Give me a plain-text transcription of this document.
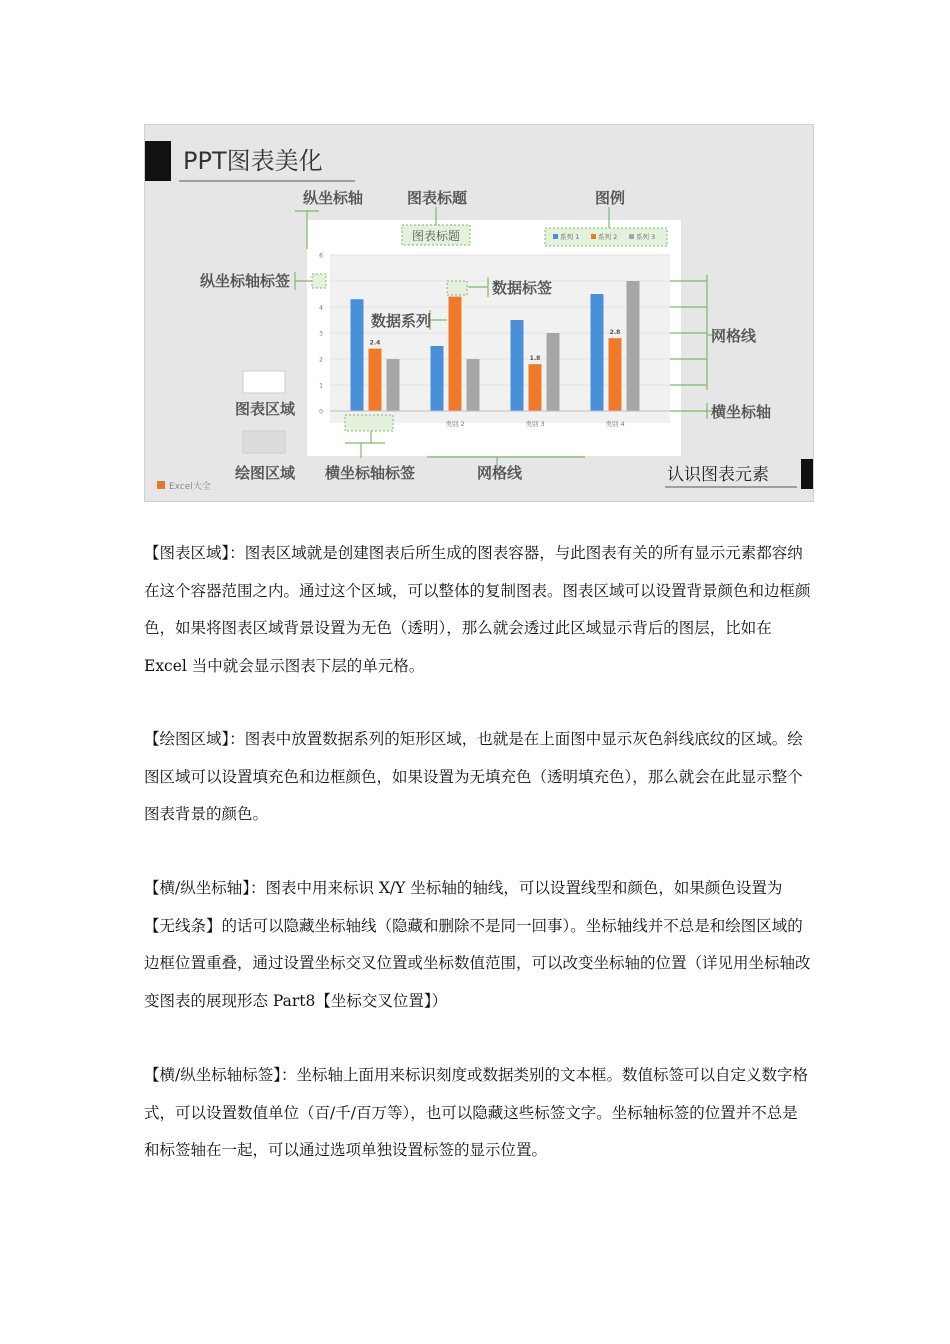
PPT图表美化
0
1
2
3
4
6
2.4
1.8
2.8
类别 2	类别 3	类别 4
图表标题	系列 1	系列 2	系列 3
纵坐标轴	图表标题	图例
纵坐标轴标签	数据标签
数据系列
网格线
横坐标轴
图表区域
绘图区域 横坐标轴标签	网格线	认识图表元素
Excel大全

【图表区域】：图表区域就是创建图表后所生成的图表容器，与此图表有关的所有显示元素都容纳在这个容器范围之内。通过这个区域，可以整体的复制图表。图表区域可以设置背景颜色和边框颜色，如果将图表区域背景设置为无色（透明），那么就会透过此区域显示背后的图层，比如在 Excel 当中就会显示图表下层的单元格。

【绘图区域】：图表中放置数据系列的矩形区域，也就是在上面图中显示灰色斜线底纹的区域。绘图区域可以设置填充色和边框颜色，如果设置为无填充色（透明填充色），那么就会在此显示整个图表背景的颜色。

【横/纵坐标轴】：图表中用来标识 X/Y 坐标轴的轴线，可以设置线型和颜色，如果颜色设置为【无线条】的话可以隐藏坐标轴线（隐藏和删除不是同一回事）。坐标轴线并不总是和绘图区域的边框位置重叠，通过设置坐标交叉位置或坐标数值范围，可以改变坐标轴的位置（详见用坐标轴改变图表的展现形态 Part8【坐标交叉位置】）

【横/纵坐标轴标签】：坐标轴上面用来标识刻度或数据类别的文本框。数值标签可以自定义数字格式，可以设置数值单位（百/千/百万等），也可以隐藏这些标签文字。坐标轴标签的位置并不总是和标签轴在一起，可以通过选项单独设置标签的显示位置。
